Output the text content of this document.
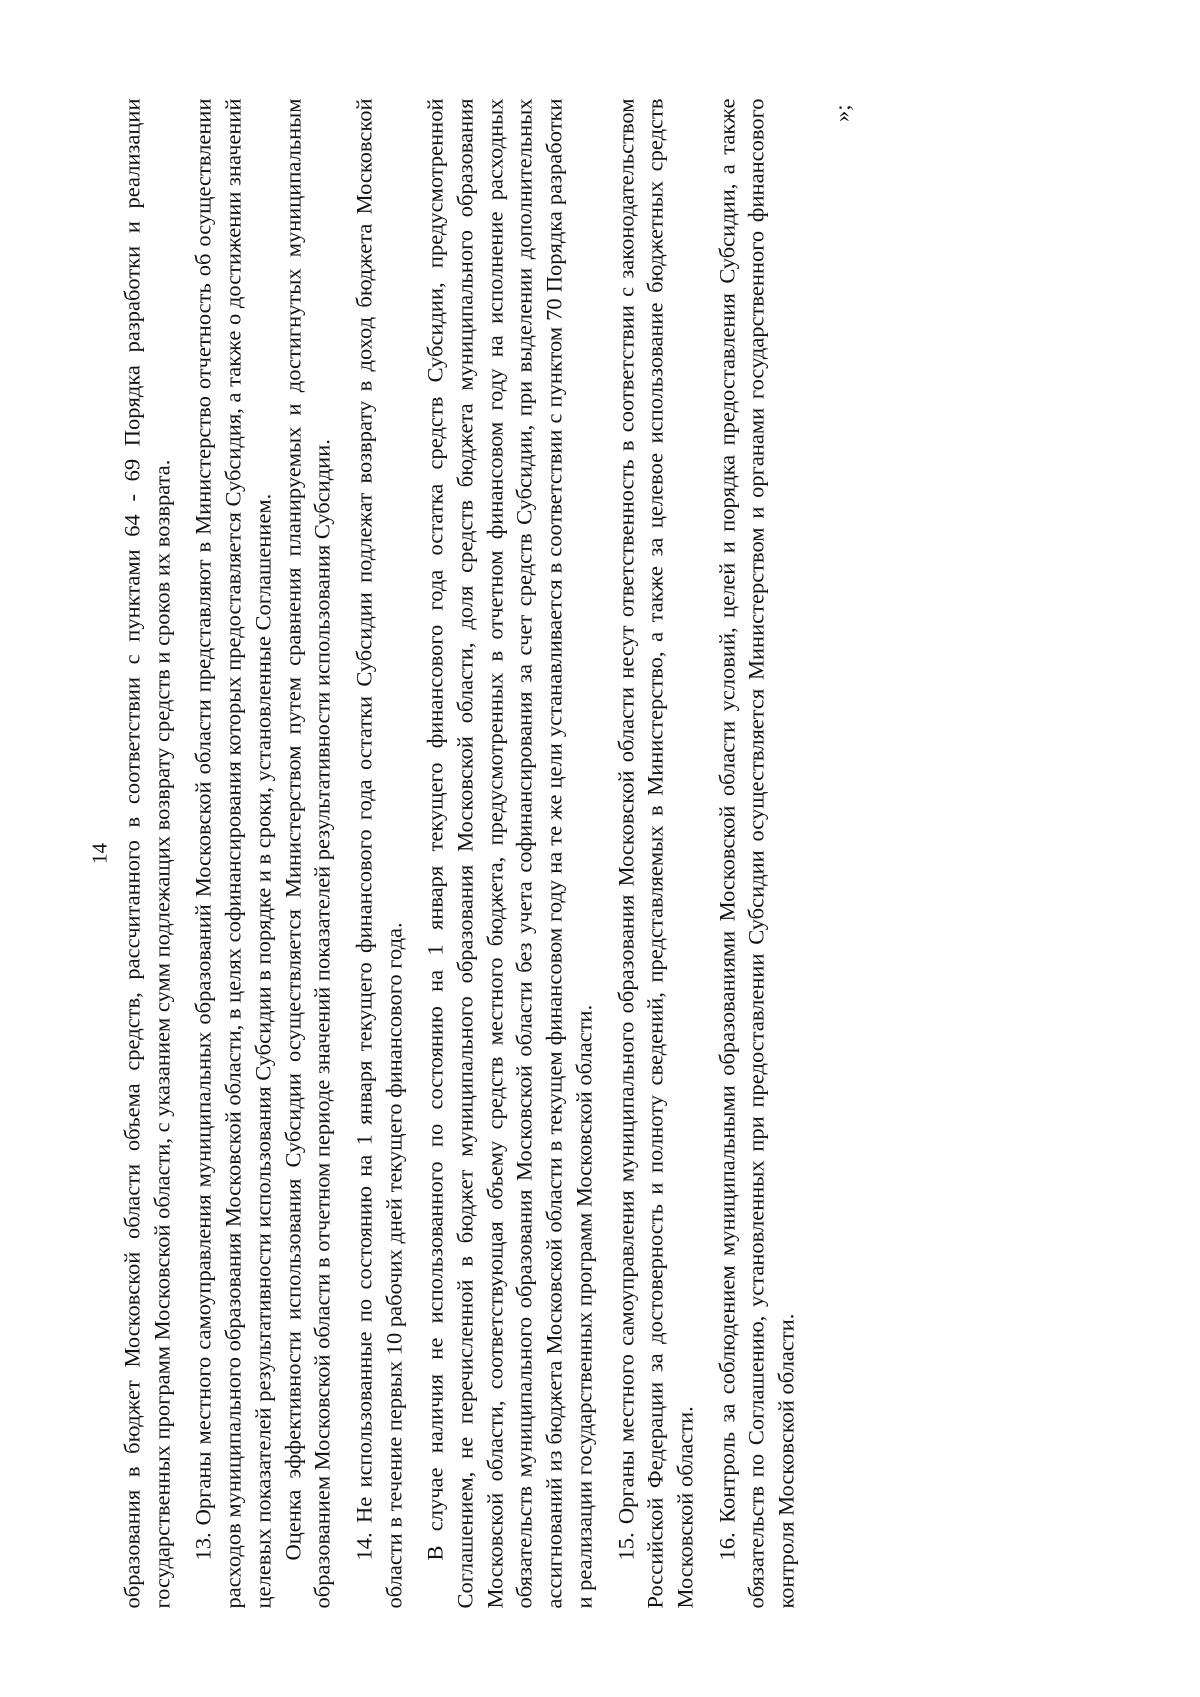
14 образования в бюджет Московской области объема средств, рассчитанного в соответствии с пунктами 64 - 69 Порядка разработки и реализации государственных программ Московской области, с указанием сумм подлежащих возврату средств и сроков их возврата. 13. Органы местного самоуправления муниципальных образований Московской области представляют в Министерство отчетность об осуществлении расходов муниципального образования Московской области, в целях софинансирования которых предоставляется Субсидия, а также о достижении значений целевых показателей результативности использования Субсидии в порядке и в сроки, установленные Соглашением. Оценка эффективности использования Субсидии осуществляется Министерством путем сравнения планируемых и достигнутых муниципальным образованием Московской области в отчетном периоде значений показателей результативности использования Субсидии. 14. Не использованные по состоянию на 1 января текущего финансового года остатки Субсидии подлежат возврату в доход бюджета Московской области в течение первых 10 рабочих дней текущего финансового года. В случае наличия не использованного по состоянию на 1 января текущего финансового года остатка средств Субсидии, предусмотренной Соглашением, не перечисленной в бюджет муниципального образования Московской области, доля средств бюджета муниципального образования Московской области, соответствующая объему средств местного бюджета, предусмотренных в отчетном финансовом году на исполнение расходных обязательств муниципального образования Московской области без учета софинансирования за счет средств Субсидии, при выделении дополнительных ассигнований из бюджета Московской области в текущем финансовом году на те же цели устанавливается в соответствии с пунктом 70 Порядка разработки и реализации государственных программ Московской области. 15. Органы местного самоуправления муниципального образования Московской области несут ответственность в соответствии с законодательством Российской Федерации за достоверность и полноту сведений, представляемых в Министерство, а также за целевое использование бюджетных средств Московской области. 16. Контроль за соблюдением муниципальными образованиями Московской области условий, целей и порядка предоставления Субсидии, а также обязательств по Соглашению, установленных при предоставлении Субсидии осуществляется Министерством и органами государственного финансового контроля Московской области.

»;
